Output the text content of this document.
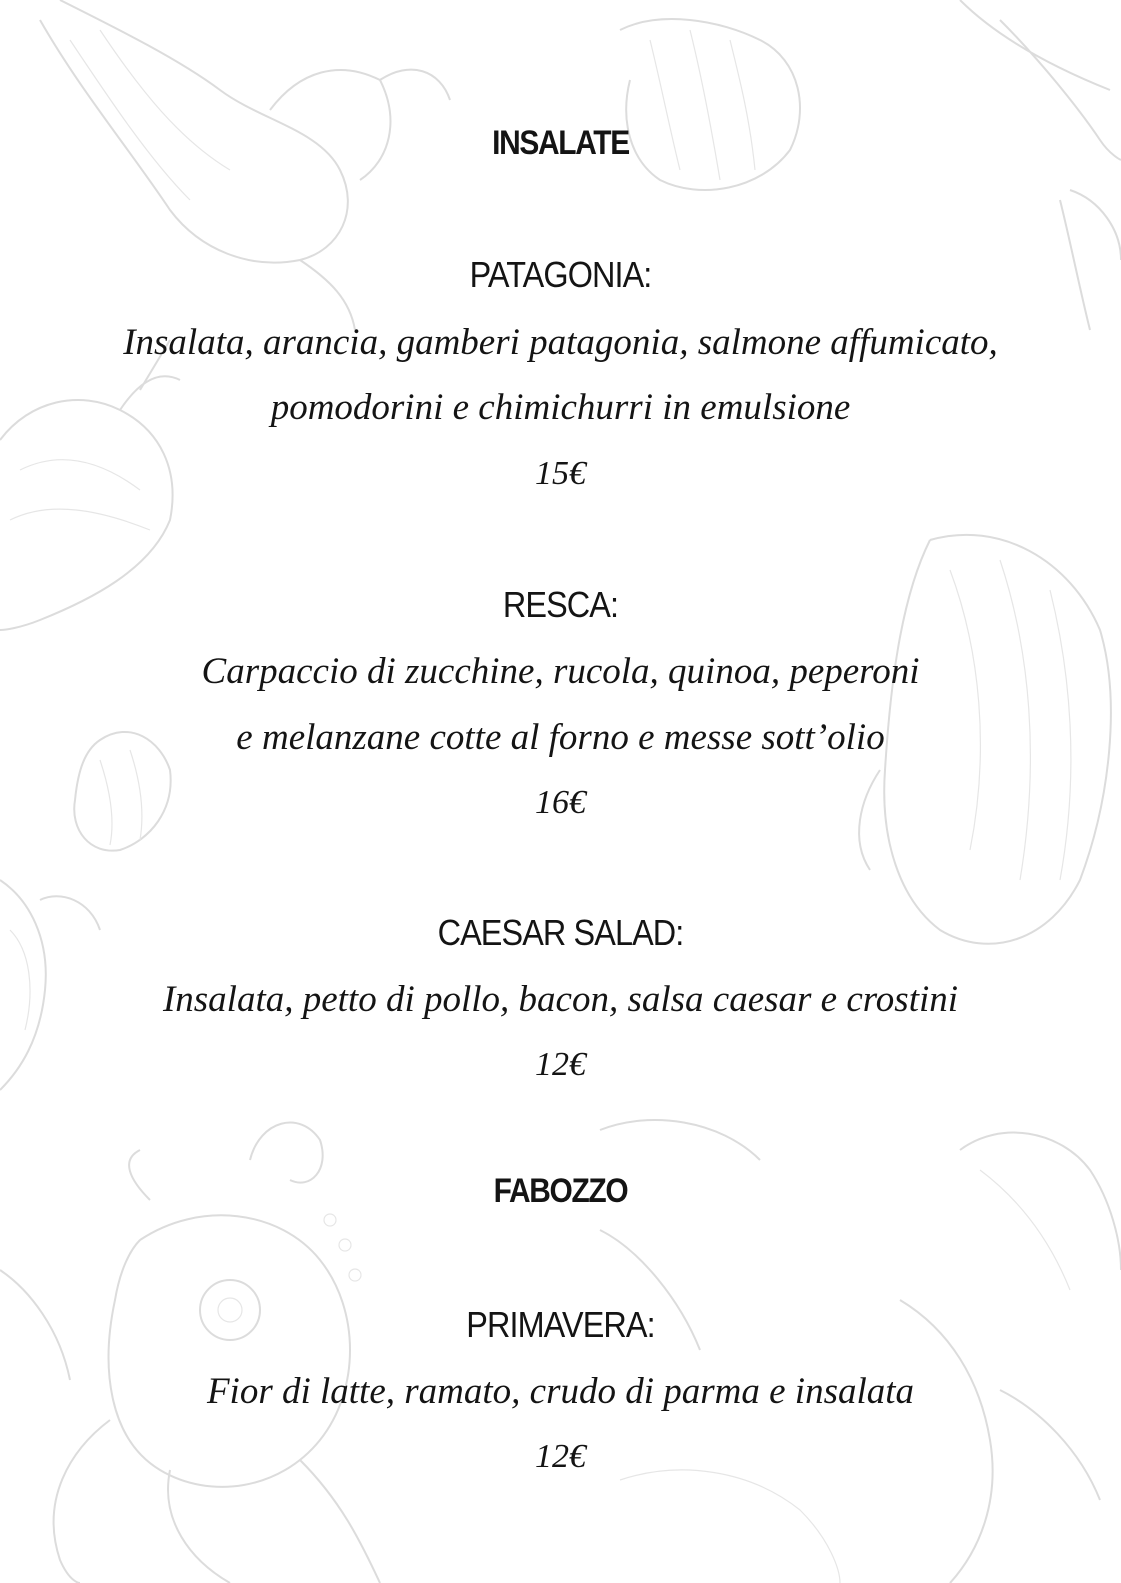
INSALATE
PATAGONIA:
Insalata, arancia, gamberi patagonia, salmone affumicato,
pomodorini e chimichurri in emulsione
15€
RESCA:
Carpaccio di zucchine, rucola, quinoa, peperoni
e melanzane cotte al forno e messe sott’olio
16€
CAESAR SALAD:
Insalata, petto di pollo, bacon, salsa caesar e crostini
12€
FABOZZO
PRIMAVERA:
Fior di latte, ramato, crudo di parma e insalata
12€
